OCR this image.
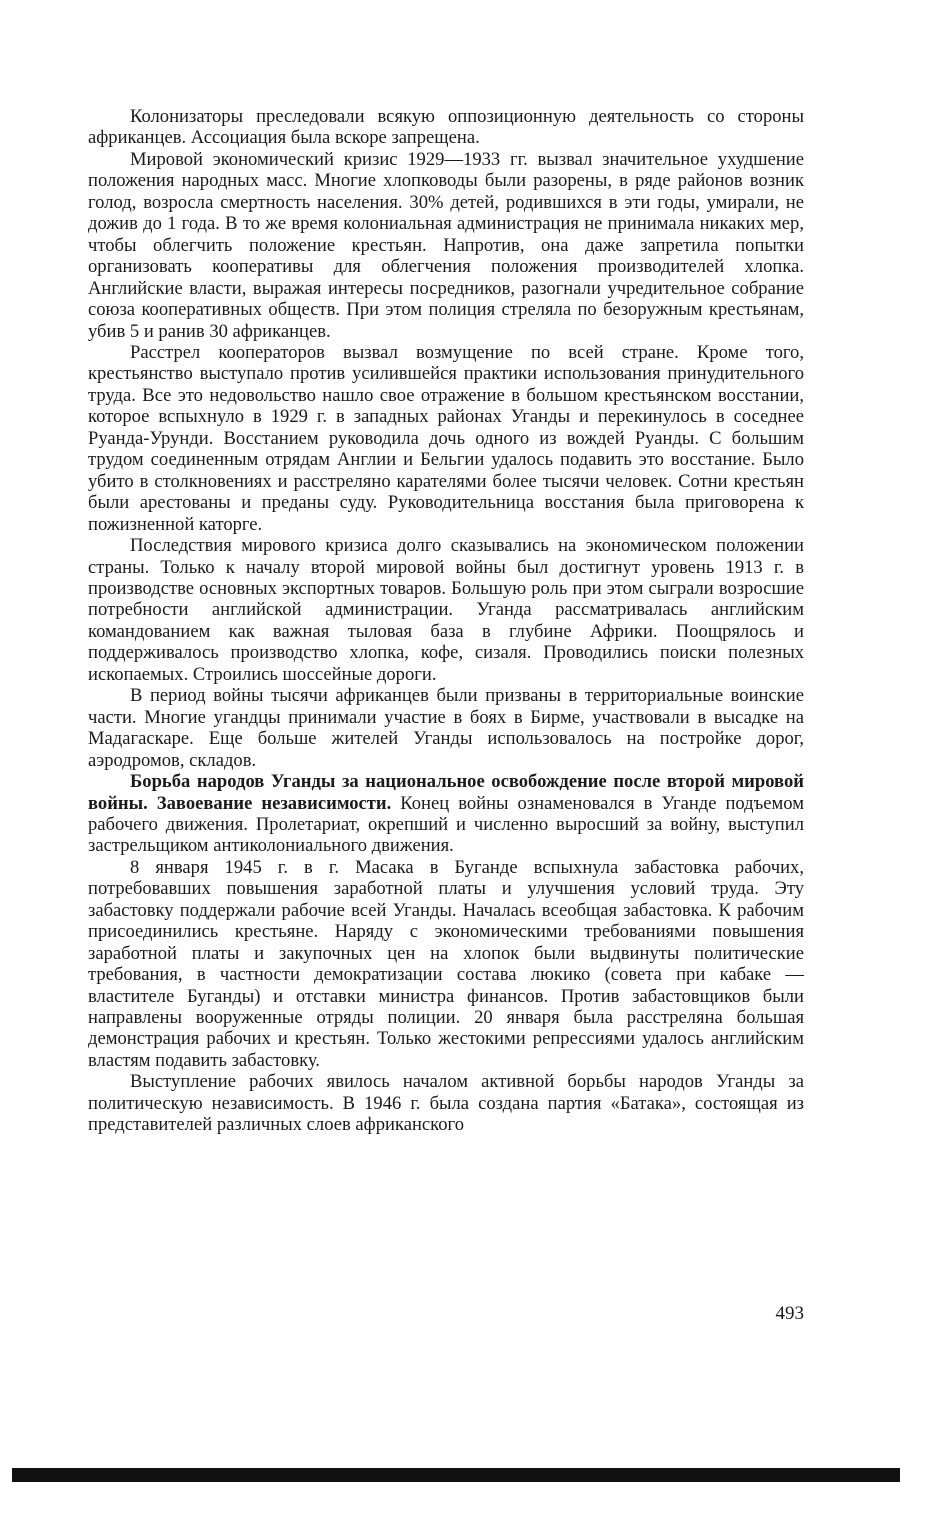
Колонизаторы преследовали всякую оппозиционную деятельность со стороны африканцев. Ассоциация была вскоре запрещена.

Мировой экономический кризис 1929—1933 гг. вызвал значительное ухудшение положения народных масс. Многие хлопководы были разорены, в ряде районов возник голод, возросла смертность населения. 30% детей, родившихся в эти годы, умирали, не дожив до 1 года. В то же время колониальная администрация не принимала никаких мер, чтобы облегчить положение крестьян. Напротив, она даже запретила попытки организовать кооперативы для облегчения положения производителей хлопка. Английские власти, выражая интересы посредников, разогнали учредительное собрание союза кооперативных обществ. При этом полиция стреляла по безоружным крестьянам, убив 5 и ранив 30 африканцев.

Расстрел кооператоров вызвал возмущение по всей стране. Кроме того, крестьянство выступало против усилившейся практики использования принудительного труда. Все это недовольство нашло свое отражение в большом крестьянском восстании, которое вспыхнуло в 1929 г. в западных районах Уганды и перекинулось в соседнее Руанда-Урунди. Восстанием руководила дочь одного из вождей Руанды. С большим трудом соединенным отрядам Англии и Бельгии удалось подавить это восстание. Было убито в столкновениях и расстреляно карателями более тысячи человек. Сотни крестьян были арестованы и преданы суду. Руководительница восстания была приговорена к пожизненной каторге.

Последствия мирового кризиса долго сказывались на экономическом положении страны. Только к началу второй мировой войны был достигнут уровень 1913 г. в производстве основных экспортных товаров. Большую роль при этом сыграли возросшие потребности английской администрации. Уганда рассматривалась английским командованием как важная тыловая база в глубине Африки. Поощрялось и поддерживалось производство хлопка, кофе, сизаля. Проводились поиски полезных ископаемых. Строились шоссейные дороги.

В период войны тысячи африканцев были призваны в территориальные воинские части. Многие угандцы принимали участие в боях в Бирме, участвовали в высадке на Мадагаскаре. Еще больше жителей Уганды использовалось на постройке дорог, аэродромов, складов.

Борьба народов Уганды за национальное освобождение после второй мировой войны. Завоевание независимости. Конец войны ознаменовался в Уганде подъемом рабочего движения. Пролетариат, окрепший и численно выросший за войну, выступил застрельщиком антиколониального движения.

8 января 1945 г. в г. Масака в Буганде вспыхнула забастовка рабочих, потребовавших повышения заработной платы и улучшения условий труда. Эту забастовку поддержали рабочие всей Уганды. Началась всеобщая забастовка. К рабочим присоединились крестьяне. Наряду с экономическими требованиями повышения заработной платы и закупочных цен на хлопок были выдвинуты политические требования, в частности демократизации состава люкико (совета при кабаке — властителе Буганды) и отставки министра финансов. Против забастовщиков были направлены вооруженные отряды полиции. 20 января была расстреляна большая демонстрация рабочих и крестьян. Только жестокими репрессиями удалось английским властям подавить забастовку.

Выступление рабочих явилось началом активной борьбы народов Уганды за политическую независимость. В 1946 г. была создана партия «Батака», состоящая из представителей различных слоев африканского

493
